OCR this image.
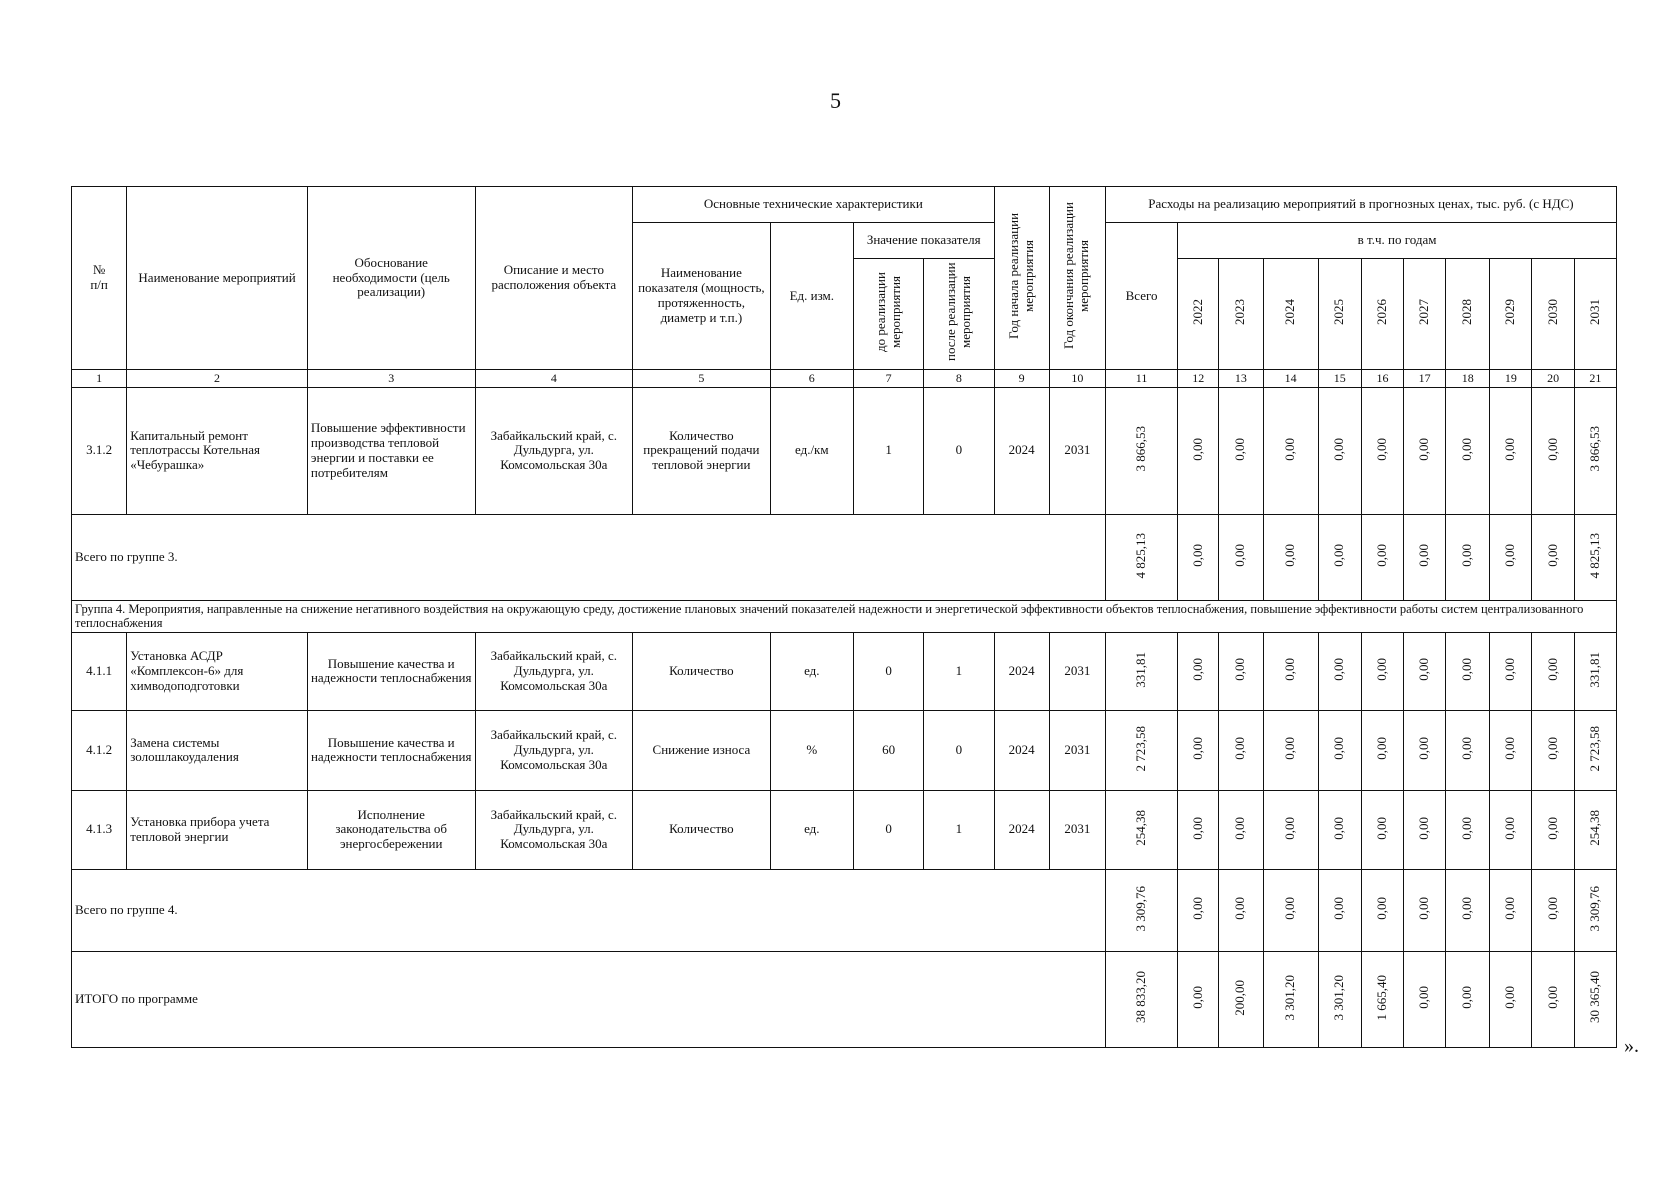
5
№
п/п	Наименование мероприятий	Обоснование необходимости (цель реализации)	Описание и место расположения объекта	Основные технические характеристики				Год начала реализации мероприятия	Год окончания реализации мероприятия	Расходы на реализацию мероприятий в прогнозных ценах, тыс. руб. (с НДС)										
				Наименование показателя (мощность, протяженность, диаметр и т.п.)	Ед. изм.	Значение показателя				Всего	в т.ч. по годам									
						до реализации мероприятия	после реализации мероприятия				2022	2023	2024	2025	2026	2027	2028	2029	2030	2031
1	2	3	4	5	6	7	8	9	10	11	12	13	14	15	16	17	18	19	20	21
3.1.2	Капитальный ремонт теплотрассы Котельная «Чебурашка»	Повышение эффективности производства тепловой энергии и поставки ее потребителям	Забайкальский край, с. Дульдурга, ул. Комсомольская 30а	Количество прекращений подачи тепловой энергии	ед./км	1	0	2024	2031	3 866,53	0,00	0,00	0,00	0,00	0,00	0,00	0,00	0,00	0,00	3 866,53
Всего по группе 3.										4 825,13	0,00	0,00	0,00	0,00	0,00	0,00	0,00	0,00	0,00	4 825,13
Группа 4. Мероприятия, направленные на снижение негативного воздействия на окружающую среду, достижение плановых значений показателей надежности и энергетической эффективности объектов теплоснабжения, повышение эффективности работы систем централизованного теплоснабжения																				
4.1.1	Установка АСДР «Комплексон-6» для химводоподготовки	Повышение качества и надежности теплоснабжения	Забайкальский край, с. Дульдурга, ул. Комсомольская 30а	Количество	ед.	0	1	2024	2031	331,81	0,00	0,00	0,00	0,00	0,00	0,00	0,00	0,00	0,00	331,81
4.1.2	Замена системы золошлакоудаления	Повышение качества и надежности теплоснабжения	Забайкальский край, с. Дульдурга, ул. Комсомольская 30а	Снижение износа	%	60	0	2024	2031	2 723,58	0,00	0,00	0,00	0,00	0,00	0,00	0,00	0,00	0,00	2 723,58
4.1.3	Установка прибора учета тепловой энергии	Исполнение законодательства об энергосбережении	Забайкальский край, с. Дульдурга, ул. Комсомольская 30а	Количество	ед.	0	1	2024	2031	254,38	0,00	0,00	0,00	0,00	0,00	0,00	0,00	0,00	0,00	254,38
Всего по группе 4.										3 309,76	0,00	0,00	0,00	0,00	0,00	0,00	0,00	0,00	0,00	3 309,76
ИТОГО по программе										38 833,20	0,00	200,00	3 301,20	3 301,20	1 665,40	0,00	0,00	0,00	0,00	30 365,40
».
